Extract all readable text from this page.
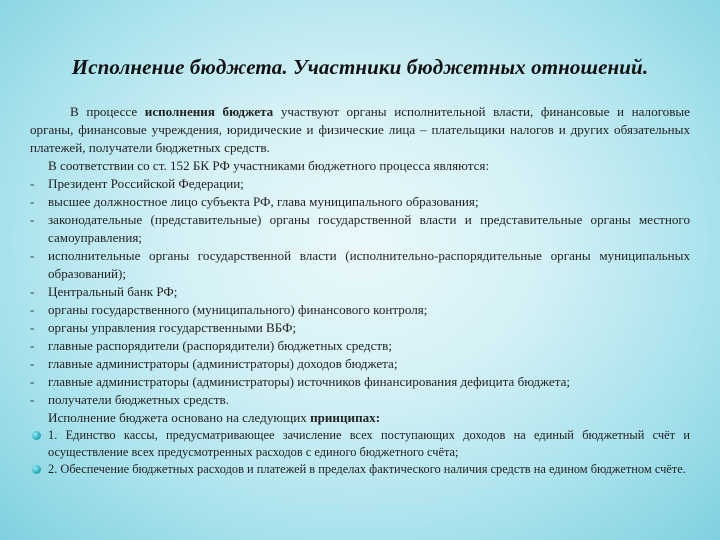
Исполнение бюджета. Участники бюджетных отношений.

В процессе исполнения бюджета участвуют органы исполнительной власти, финансовые и налоговые органы, финансовые учреждения, юридические и физические лица – плательщики налогов и других обязательных платежей, получатели бюджетных средств.

В соответствии со ст. 152 БК РФ участниками бюджетного процесса являются:

-	Президент Российской Федерации;
-	высшее должностное лицо субъекта РФ, глава муниципального образования;
-	законодательные (представительные) органы государственной власти и представительные органы местного самоуправления;
-	исполнительные органы государственной власти (исполнительно-распорядительные органы муниципальных образований);
-	Центральный банк РФ;
-	органы государственного (муниципального) финансового контроля;
-	органы управления государственными ВБФ;
-	главные распорядители (распорядители) бюджетных средств;
-	главные администраторы (администраторы) доходов бюджета;
-	главные администраторы (администраторы) источников финансирования дефицита бюджета;
-	получатели бюджетных средств.
Исполнение бюджета основано на следующих принципах:
1. Единство кассы, предусматривающее зачисление всех поступающих доходов на единый бюджетный счёт и осуществление всех предусмотренных расходов с единого бюджетного счёта;
2. Обеспечение бюджетных расходов и платежей в пределах фактического наличия средств на едином бюджетном счёте.
